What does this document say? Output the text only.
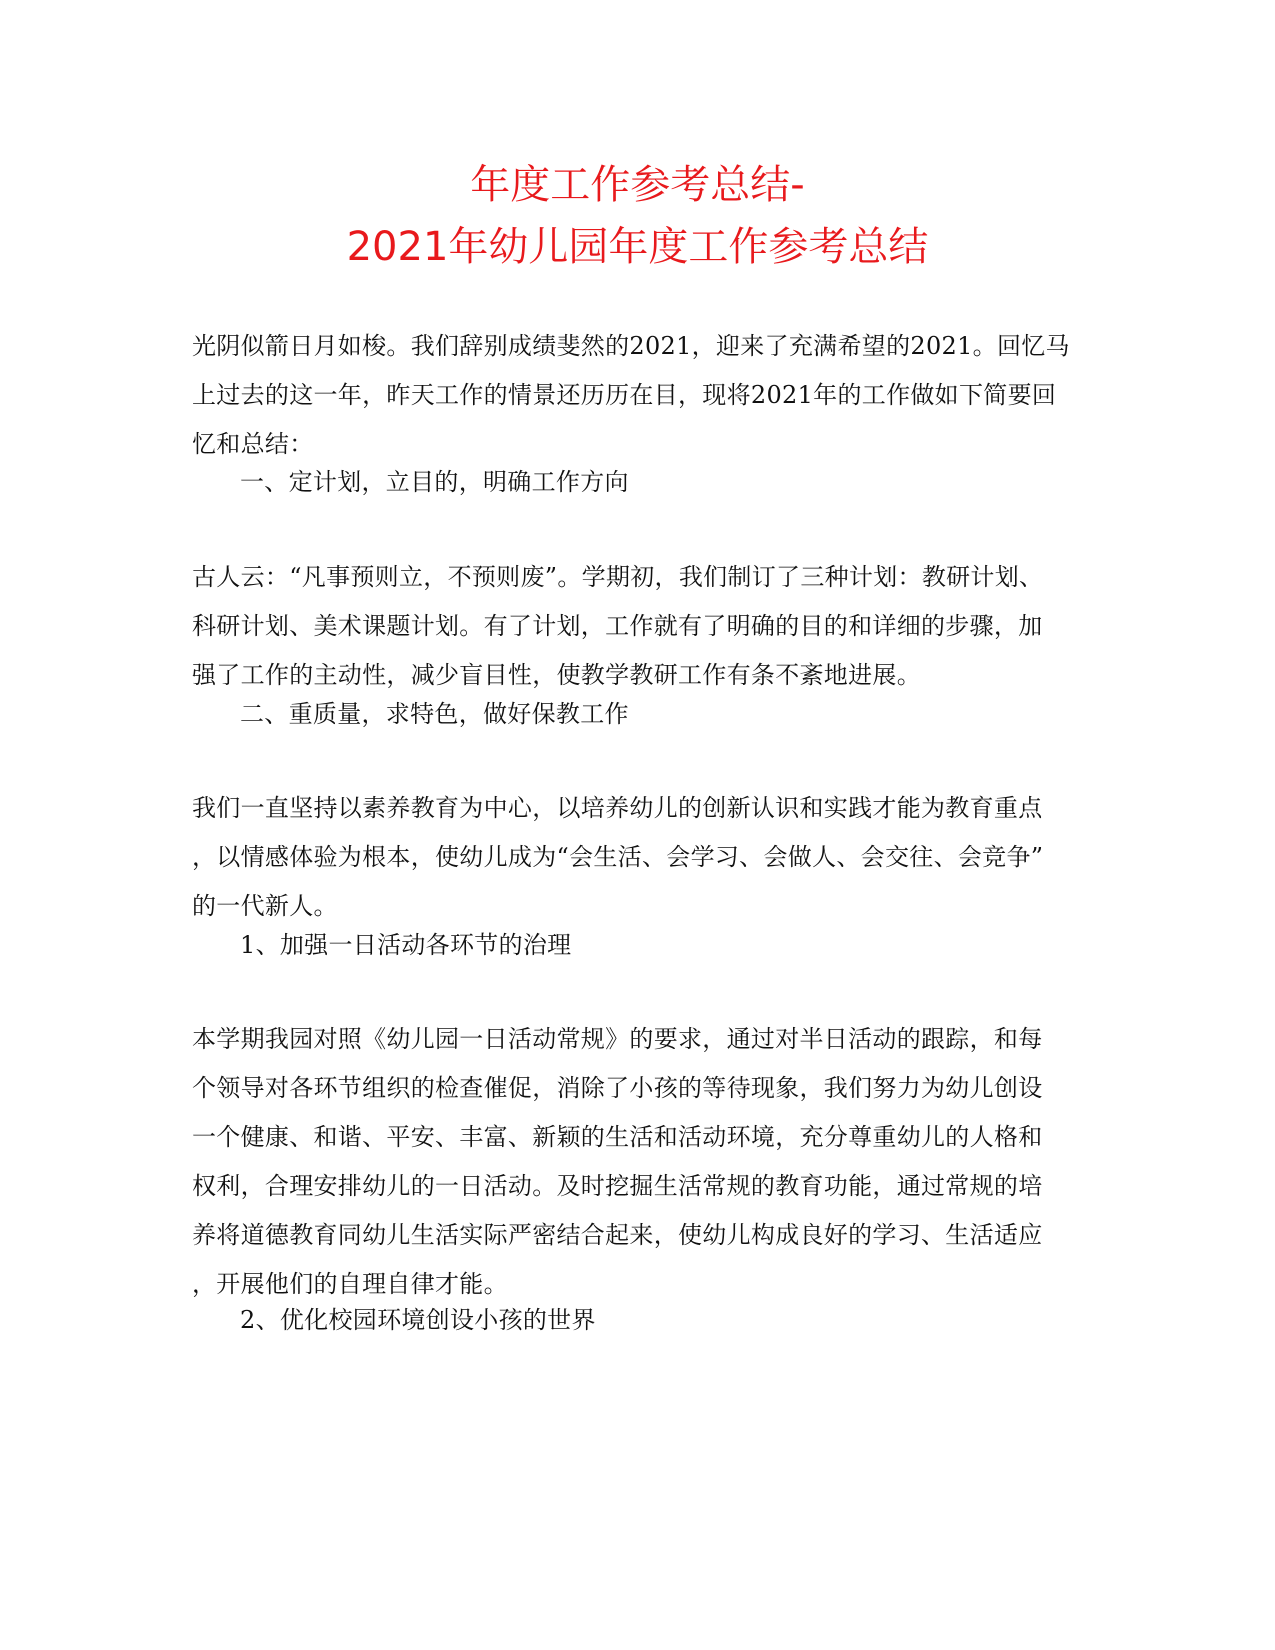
年度工作参考总结-
2021年幼儿园年度工作参考总结
光阴似箭日月如梭。我们辞别成绩斐然的2021，迎来了充满希望的2021。回忆马
上过去的这一年，昨天工作的情景还历历在目，现将2021年的工作做如下简要回
忆和总结：
一、定计划，立目的，明确工作方向
古人云：“凡事预则立，不预则废”。学期初，我们制订了三种计划：教研计划、
科研计划、美术课题计划。有了计划，工作就有了明确的目的和详细的步骤，加
强了工作的主动性，减少盲目性，使教学教研工作有条不紊地进展。
二、重质量，求特色，做好保教工作
我们一直坚持以素养教育为中心，以培养幼儿的创新认识和实践才能为教育重点
，以情感体验为根本，使幼儿成为“会生活、会学习、会做人、会交往、会竞争”
的一代新人。
1、加强一日活动各环节的治理
本学期我园对照《幼儿园一日活动常规》的要求，通过对半日活动的跟踪，和每
个领导对各环节组织的检查催促，消除了小孩的等待现象，我们努力为幼儿创设
一个健康、和谐、平安、丰富、新颖的生活和活动环境，充分尊重幼儿的人格和
权利，合理安排幼儿的一日活动。及时挖掘生活常规的教育功能，通过常规的培
养将道德教育同幼儿生活实际严密结合起来，使幼儿构成良好的学习、生活适应
，开展他们的自理自律才能。
2、优化校园环境创设小孩的世界
